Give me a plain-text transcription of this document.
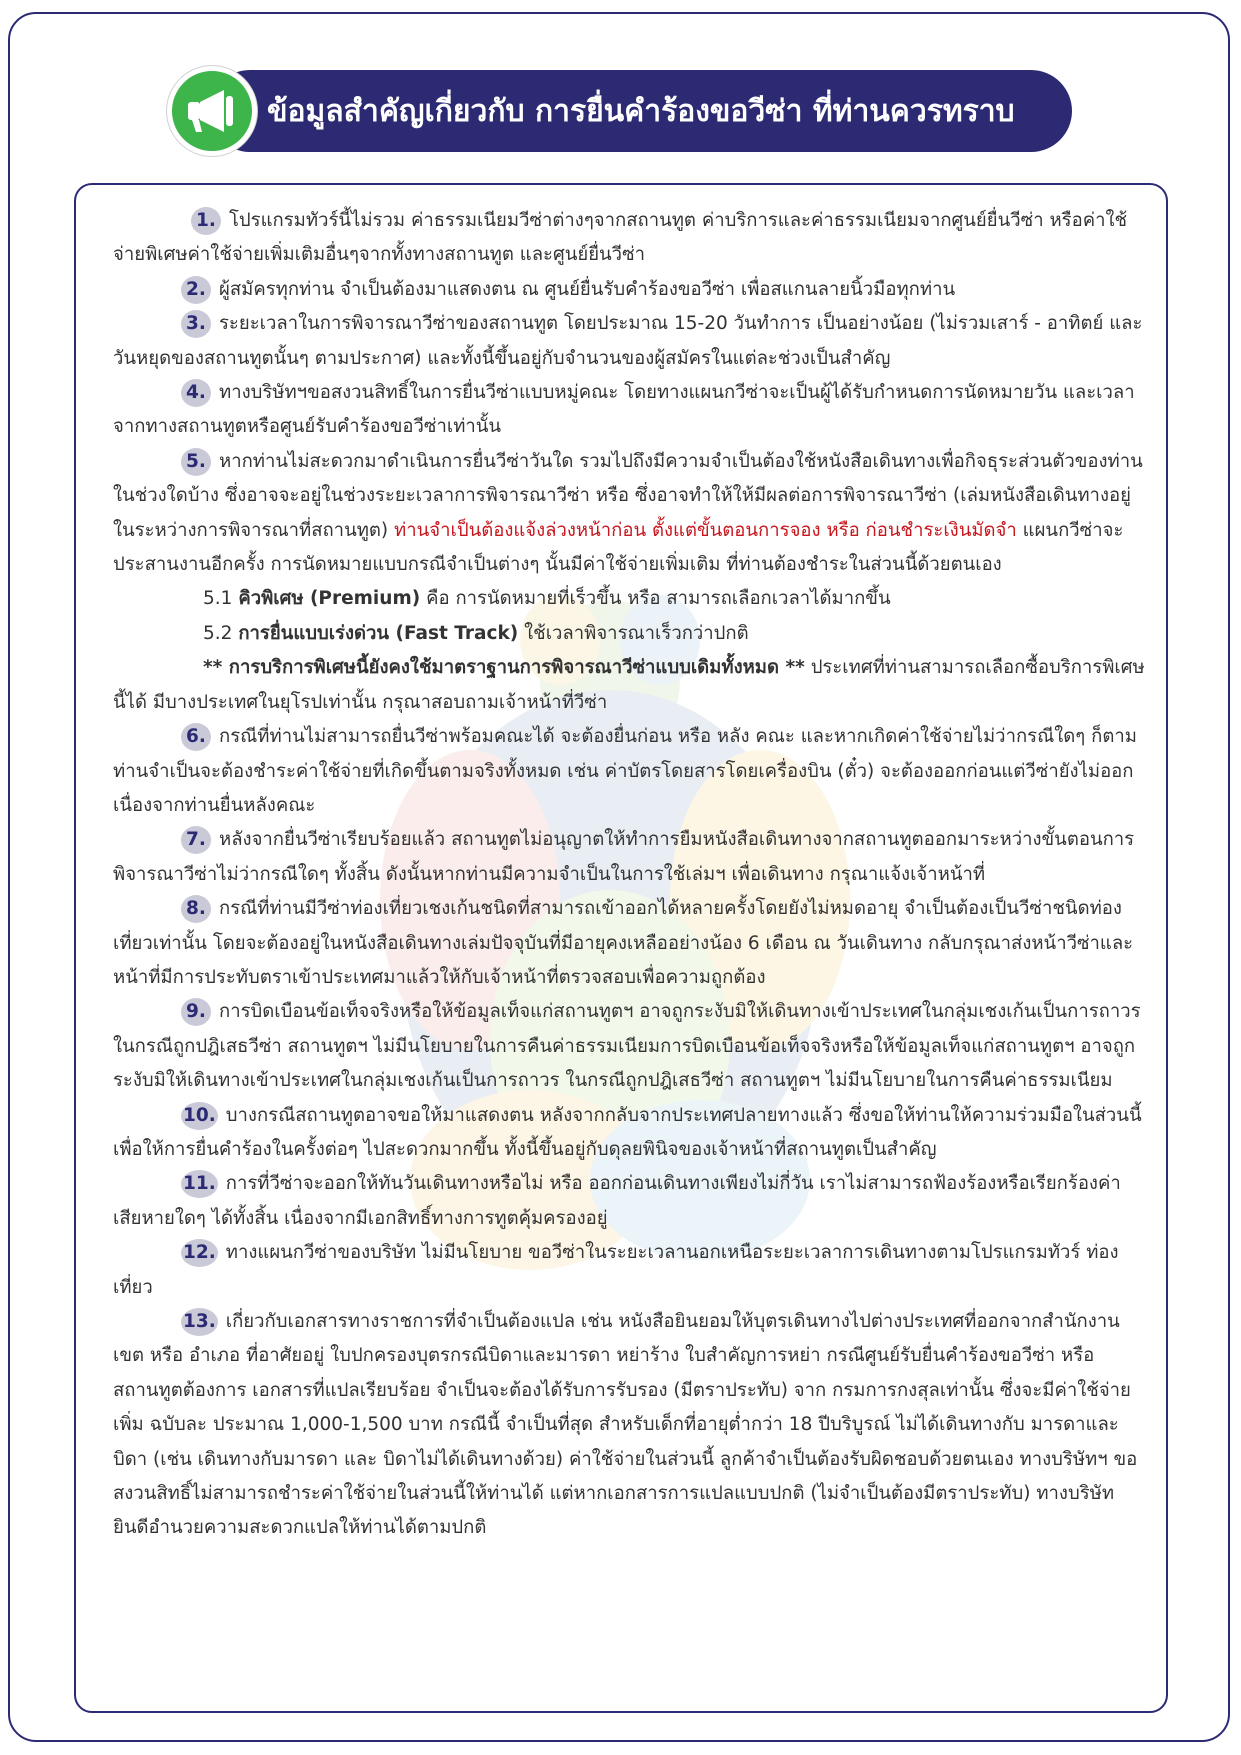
ข้อมูลสำคัญเกี่ยวกับ การยื่นคำร้องขอวีซ่า ที่ท่านควรทราบ

1. โปรแกรมทัวร์นี้ไม่รวม ค่าธรรมเนียมวีซ่าต่างๆจากสถานทูต ค่าบริการและค่าธรรมเนียมจากศูนย์ยื่นวีซ่า หรือค่าใช้จ่ายพิเศษค่าใช้จ่ายเพิ่มเติมอื่นๆจากทั้งทางสถานทูต และศูนย์ยื่นวีซ่า

2. ผู้สมัครทุกท่าน จำเป็นต้องมาแสดงตน ณ ศูนย์ยื่นรับคำร้องขอวีซ่า เพื่อสแกนลายนิ้วมือทุกท่าน

3. ระยะเวลาในการพิจารณาวีซ่าของสถานทูต โดยประมาณ 15-20 วันทำการ เป็นอย่างน้อย (ไม่รวมเสาร์ - อาทิตย์ และวันหยุดของสถานทูตนั้นๆ ตามประกาศ) และทั้งนี้ขึ้นอยู่กับจำนวนของผู้สมัครในแต่ละช่วงเป็นสำคัญ

4. ทางบริษัทฯขอสงวนสิทธิ์ในการยื่นวีซ่าแบบหมู่คณะ โดยทางแผนกวีซ่าจะเป็นผู้ได้รับกำหนดการนัดหมายวัน และเวลาจากทางสถานทูตหรือศูนย์รับคำร้องขอวีซ่าเท่านั้น

5. หากท่านไม่สะดวกมาดำเนินการยื่นวีซ่าวันใด รวมไปถึงมีความจำเป็นต้องใช้หนังสือเดินทางเพื่อกิจธุระส่วนตัวของท่านในช่วงใดบ้าง ซึ่งอาจจะอยู่ในช่วงระยะเวลาการพิจารณาวีซ่า หรือ ซึ่งอาจทำให้ให้มีผลต่อการพิจารณาวีซ่า (เล่มหนังสือเดินทางอยู่ในระหว่างการพิจารณาที่สถานทูต) ท่านจำเป็นต้องแจ้งล่วงหน้าก่อน ตั้งแต่ขั้นตอนการจอง หรือ ก่อนชำระเงินมัดจำ แผนกวีซ่าจะประสานงานอีกครั้ง การนัดหมายแบบกรณีจำเป็นต่างๆ นั้นมีค่าใช้จ่ายเพิ่มเติม ที่ท่านต้องชำระในส่วนนี้ด้วยตนเอง

5.1 คิวพิเศษ (Premium) คือ การนัดหมายที่เร็วขึ้น หรือ สามารถเลือกเวลาได้มากขึ้น

5.2 การยื่นแบบเร่งด่วน (Fast Track) ใช้เวลาพิจารณาเร็วกว่าปกติ

** การบริการพิเศษนี้ยังคงใช้มาตราฐานการพิจารณาวีซ่าแบบเดิมทั้งหมด ** ประเทศที่ท่านสามารถเลือกซื้อบริการพิเศษนี้ได้ มีบางประเทศในยุโรปเท่านั้น กรุณาสอบถามเจ้าหน้าที่วีซ่า

6. กรณีที่ท่านไม่สามารถยื่นวีซ่าพร้อมคณะได้ จะต้องยื่นก่อน หรือ หลัง คณะ และหากเกิดค่าใช้จ่ายไม่ว่ากรณีใดๆ ก็ตาม ท่านจำเป็นจะต้องชำระค่าใช้จ่ายที่เกิดขึ้นตามจริงทั้งหมด เช่น ค่าบัตรโดยสารโดยเครื่องบิน (ตั๋ว) จะต้องออกก่อนแต่วีซ่ายังไม่ออก เนื่องจากท่านยื่นหลังคณะ

7. หลังจากยื่นวีซ่าเรียบร้อยแล้ว สถานทูตไม่อนุญาตให้ทำการยืมหนังสือเดินทางจากสถานทูตออกมาระหว่างขั้นตอนการพิจารณาวีซ่าไม่ว่ากรณีใดๆ ทั้งสิ้น ดังนั้นหากท่านมีความจำเป็นในการใช้เล่มฯ เพื่อเดินทาง กรุณาแจ้งเจ้าหน้าที่

8. กรณีที่ท่านมีวีซ่าท่องเที่ยวเชงเก้นชนิดที่สามารถเข้าออกได้หลายครั้งโดยยังไม่หมดอายุ จำเป็นต้องเป็นวีซ่าชนิดท่องเที่ยวเท่านั้น โดยจะต้องอยู่ในหนังสือเดินทางเล่มปัจจุบันที่มีอายุคงเหลืออย่างน้อง 6 เดือน ณ วันเดินทาง กลับกรุณาส่งหน้าวีซ่าและหน้าที่มีการประทับตราเข้าประเทศมาแล้วให้กับเจ้าหน้าที่ตรวจสอบเพื่อความถูกต้อง

9. การบิดเบือนข้อเท็จจริงหรือให้ข้อมูลเท็จแก่สถานทูตฯ อาจถูกระงับมิให้เดินทางเข้าประเทศในกลุ่มเชงเก้นเป็นการถาวร ในกรณีถูกปฎิเสธวีซ่า สถานทูตฯ ไม่มีนโยบายในการคืนค่าธรรมเนียมการบิดเบือนข้อเท็จจริงหรือให้ข้อมูลเท็จแก่สถานทูตฯ อาจถูกระงับมิให้เดินทางเข้าประเทศในกลุ่มเชงเก้นเป็นการถาวร ในกรณีถูกปฎิเสธวีซ่า สถานทูตฯ ไม่มีนโยบายในการคืนค่าธรรมเนียม

10. บางกรณีสถานทูตอาจขอให้มาแสดงตน หลังจากกลับจากประเทศปลายทางแล้ว ซึ่งขอให้ท่านให้ความร่วมมือในส่วนนี้เพื่อให้การยื่นคำร้องในครั้งต่อๆ ไปสะดวกมากขึ้น ทั้งนี้ขึ้นอยู่กับดุลยพินิจของเจ้าหน้าที่สถานทูตเป็นสำคัญ

11. การที่วีซ่าจะออกให้ทันวันเดินทางหรือไม่ หรือ ออกก่อนเดินทางเพียงไม่กี่วัน เราไม่สามารถฟ้องร้องหรือเรียกร้องค่าเสียหายใดๆ ได้ทั้งสิ้น เนื่องจากมีเอกสิทธิ์ทางการทูตคุ้มครองอยู่

12. ทางแผนกวีซ่าของบริษัท ไม่มีนโยบาย ขอวีซ่าในระยะเวลานอกเหนือระยะเวลาการเดินทางตามโปรแกรมทัวร์ ท่องเที่ยว

13. เกี่ยวกับเอกสารทางราชการที่จำเป็นต้องแปล เช่น หนังสือยินยอมให้บุตรเดินทางไปต่างประเทศที่ออกจากสำนักงานเขต หรือ อำเภอ ที่อาศัยอยู่ ใบปกครองบุตรกรณีบิดาและมารดา หย่าร้าง ใบสำคัญการหย่า กรณีศูนย์รับยื่นคำร้องขอวีซ่า หรือ สถานทูตต้องการ เอกสารที่แปลเรียบร้อย จำเป็นจะต้องได้รับการรับรอง (มีตราประทับ) จาก กรมการกงสุลเท่านั้น ซึ่งจะมีค่าใช้จ่ายเพิ่ม ฉบับละ ประมาณ 1,000-1,500 บาท กรณีนี้ จำเป็นที่สุด สำหรับเด็กที่อายุต่ำกว่า 18 ปีบริบูรณ์ ไม่ได้เดินทางกับ มารดาและบิดา (เช่น เดินทางกับมารดา และ บิดาไม่ได้เดินทางด้วย) ค่าใช้จ่ายในส่วนนี้ ลูกค้าจำเป็นต้องรับผิดชอบด้วยตนเอง ทางบริษัทฯ ขอสงวนสิทธิ์ไม่สามารถชำระค่าใช้จ่ายในส่วนนี้ให้ท่านได้ แต่หากเอกสารการแปลแบบปกติ (ไม่จำเป็นต้องมีตราประทับ) ทางบริษัทยินดีอำนวยความสะดวกแปลให้ท่านได้ตามปกติ
